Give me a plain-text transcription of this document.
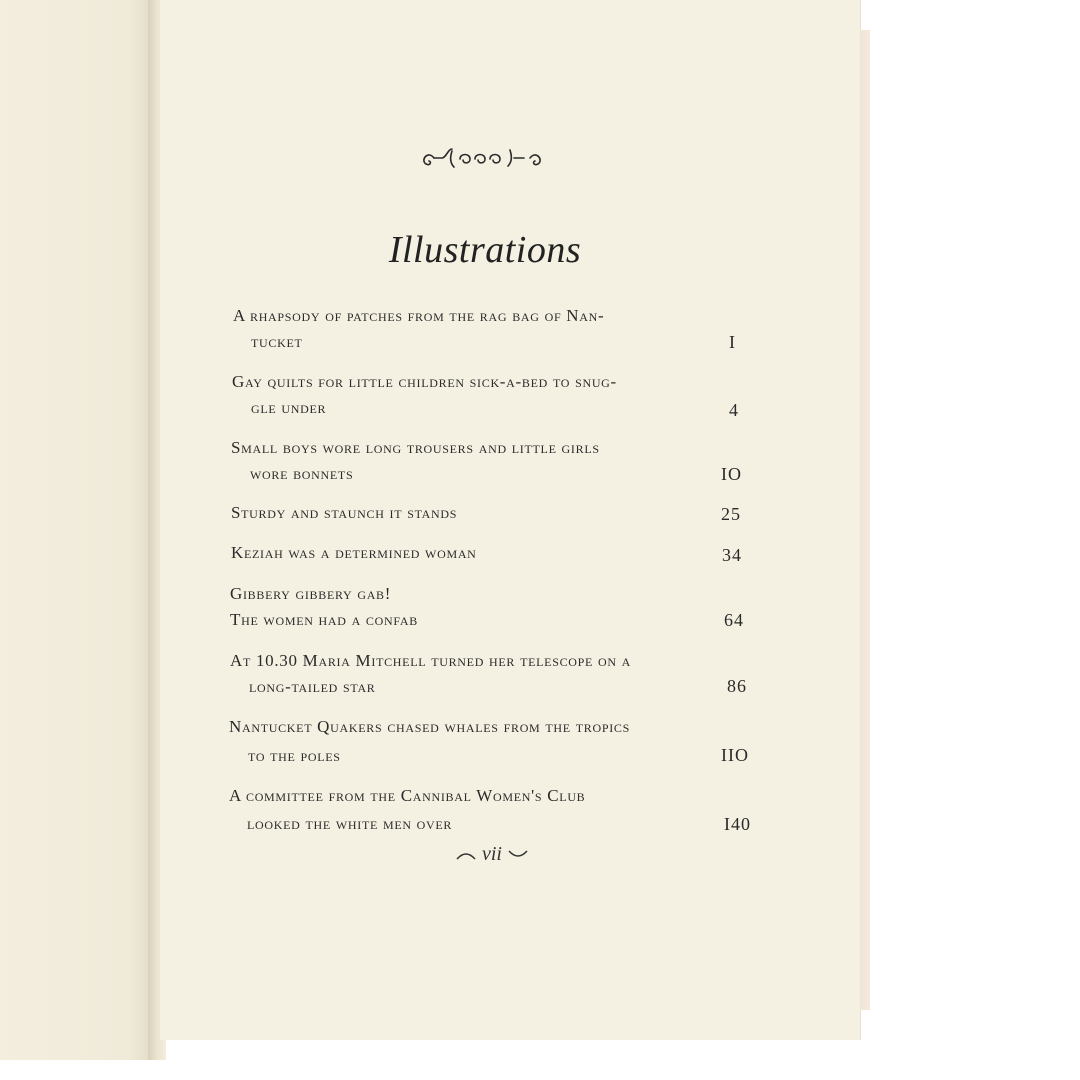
Illustrations
A rhapsody of patches from the rag bag of Nan-
tucket	I
Gay quilts for little children sick-a-bed to snug-
gle under	4
Small boys wore long trousers and little girls
wore bonnets	IO
Sturdy and staunch it stands	25
Keziah was a determined woman	34
Gibbery gibbery gab!
The women had a confab	64
At 10.30 Maria Mitchell turned her telescope on a
long-tailed star	86
Nantucket Quakers chased whales from the tropics
to the poles	IIO
A committee from the Cannibal Women's Club
looked the white men over	I40
vii
